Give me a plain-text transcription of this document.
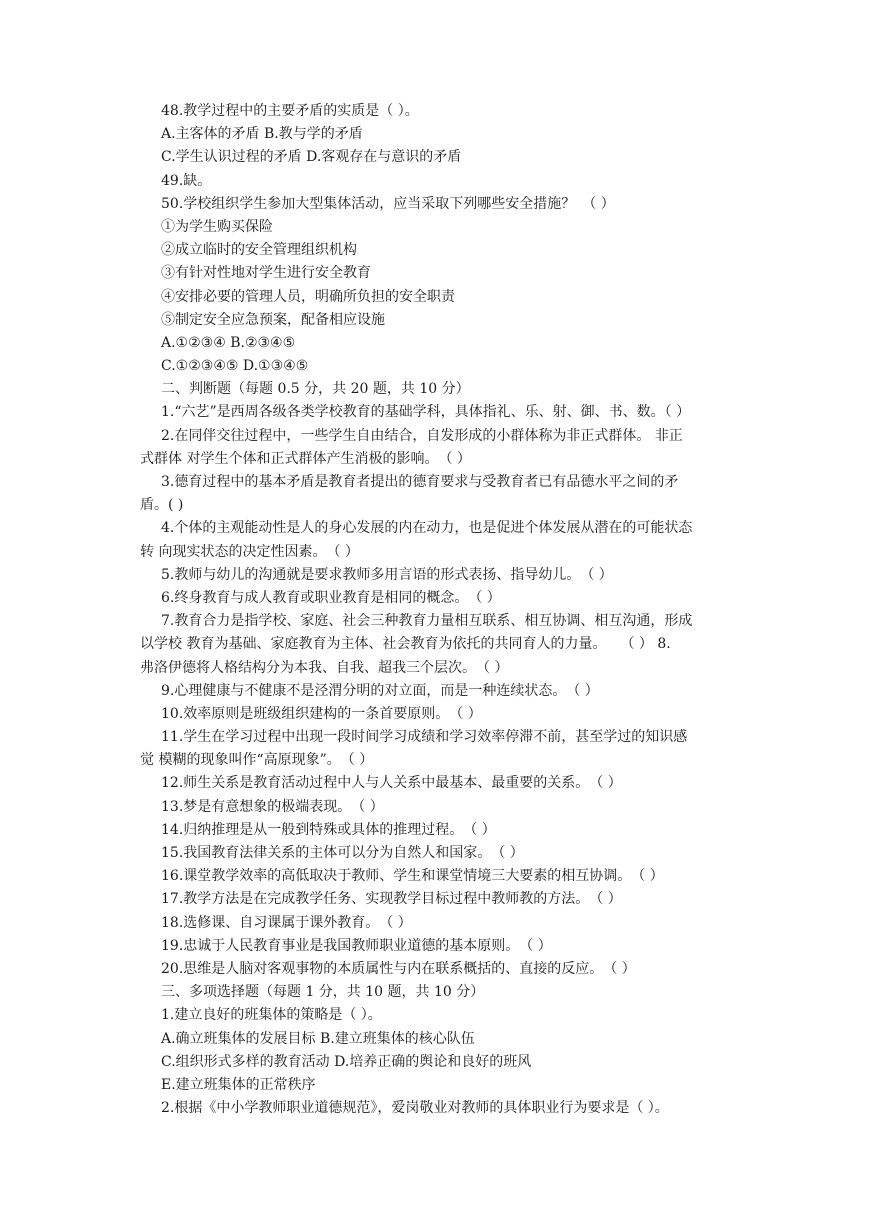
48.教学过程中的主要矛盾的实质是（ ）。
A.主客体的矛盾 B.教与学的矛盾
C.学生认识过程的矛盾 D.客观存在与意识的矛盾
49.缺。
50.学校组织学生参加大型集体活动，应当采取下列哪些安全措施？　（ ）
①为学生购买保险
②成立临时的安全管理组织机构
③有针对性地对学生进行安全教育
④安排必要的管理人员，明确所负担的安全职责
⑤制定安全应急预案，配备相应设施
A.①②③④ B.②③④⑤
C.①②③④⑤ D.①③④⑤
二、判断题（每题 0.5 分，共 20 题，共 10 分）
1.“六艺”是西周各级各类学校教育的基础学科，具体指礼、乐、射、御、书、数。（ ）
2.在同伴交往过程中，一些学生自由结合，自发形成的小群体称为非正式群体。 非正
式群体 对学生个体和正式群体产生消极的影响。　（ ）
3.德育过程中的基本矛盾是教育者提出的德育要求与受教育者已有品德水平之间的矛
盾。( )
4.个体的主观能动性是人的身心发展的内在动力，也是促进个体发展从潜在的可能状态
转 向现实状态的决定性因素。　（ ）
5.教师与幼儿的沟通就是要求教师多用言语的形式表扬、指导幼儿。　（ ）
6.终身教育与成人教育或职业教育是相同的概念。　（ ）
7.教育合力是指学校、家庭、社会三种教育力量相互联系、相互协调、相互沟通，形成
以学校 教育为基础、家庭教育为主体、社会教育为依托的共同育人的力量。　　（ ） 8.
弗洛伊德将人格结构分为本我、自我、超我三个层次。　（ ）
9.心理健康与不健康不是泾渭分明的对立面，而是一种连续状态。　（ ）
10.效率原则是班级组织建构的一条首要原则。　（ ）
11.学生在学习过程中出现一段时间学习成绩和学习效率停滞不前，甚至学过的知识感
觉 模糊的现象叫作“高原现象”。　（ ）
12.师生关系是教育活动过程中人与人关系中最基本、最重要的关系。　（ ）
13.梦是有意想象的极端表现。　（ ）
14.归纳推理是从一般到特殊或具体的推理过程。　（ ）
15.我国教育法律关系的主体可以分为自然人和国家。　（ ）
16.课堂教学效率的高低取决于教师、学生和课堂情境三大要素的相互协调。　（ ）
17.教学方法是在完成教学任务、实现教学目标过程中教师教的方法。　（ ）
18.选修课、自习课属于课外教育。　（ ）
19.忠诚于人民教育事业是我国教师职业道德的基本原则。　（ ）
20.思维是人脑对客观事物的本质属性与内在联系概括的、直接的反应。　（ ）
三、多项选择题（每题 1 分，共 10 题，共 10 分）
1.建立良好的班集体的策略是（ ）。
A.确立班集体的发展目标 B.建立班集体的核心队伍
C.组织形式多样的教育活动 D.培养正确的舆论和良好的班风
E.建立班集体的正常秩序
2.根据《中小学教师职业道德规范》，爱岗敬业对教师的具体职业行为要求是（ ）。
